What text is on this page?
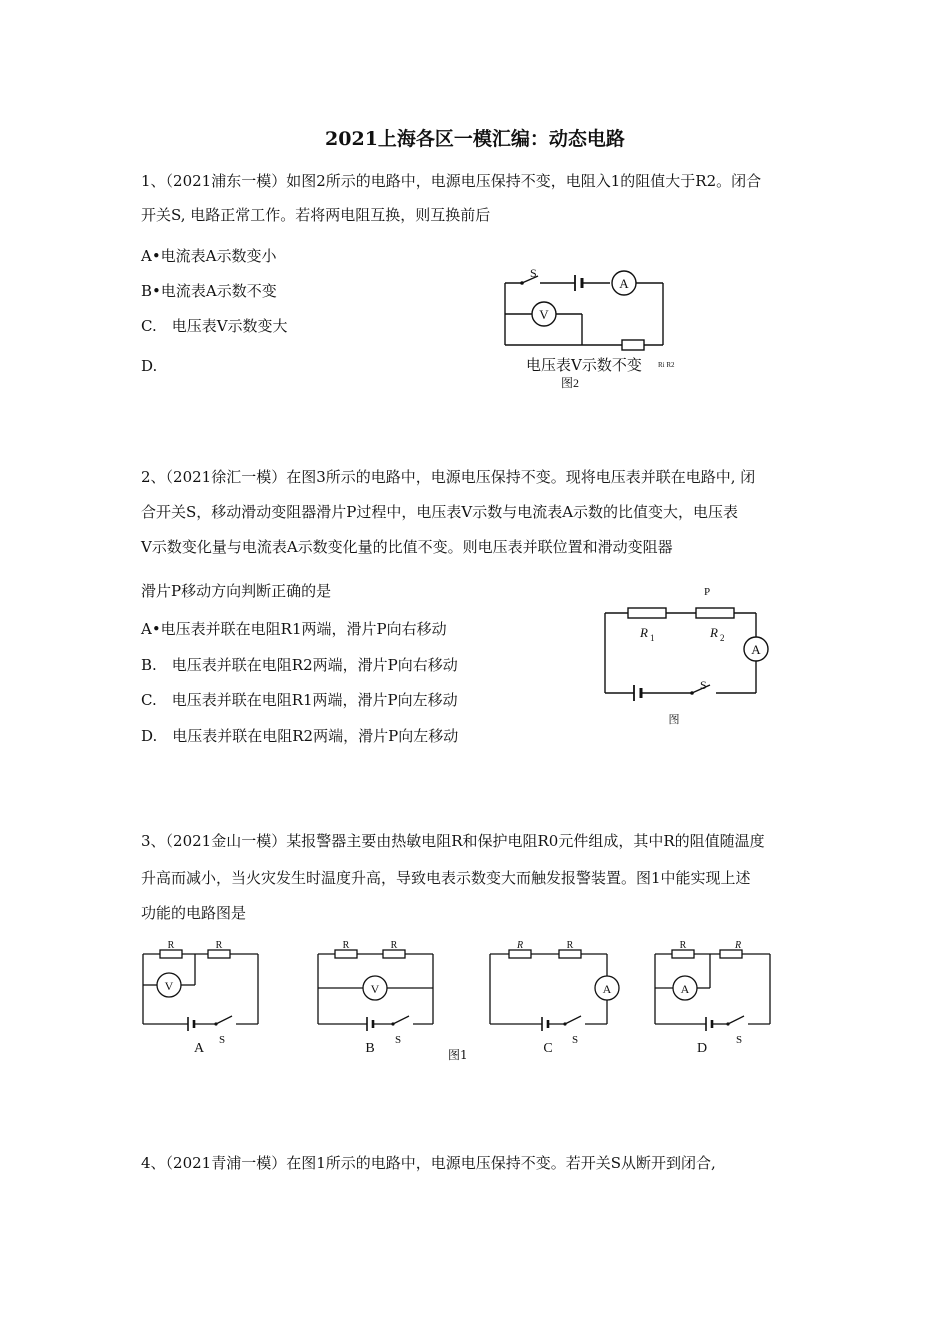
2021上海各区一模汇编：动态电路
1、（2021浦东一模）如图2所示的电路中，电源电压保持不变，电阻入1的阻值大于R2。闭合
开关S, 电路正常工作。若将两电阻互换，则互换前后
A•电流表A示数变小
B•电流表A示数不变
C.　电压表V示数变大
D.	电压表V示数不变
S
A
V
Ri R2
图2
2、（2021徐汇一模）在图3所示的电路中，电源电压保持不变。现将电压表并联在电路中, 闭
合开关S，移动滑动变阻器滑片P过程中，电压表V示数与电流表A示数的比值变大，电压表
V示数变化量与电流表A示数变化量的比值不变。则电压表并联位置和滑动变阻器
滑片P移动方向判断正确的是
A•电压表并联在电阻R1两端，滑片P向右移动
B.　电压表并联在电阻R2两端，滑片P向右移动
C.　电压表并联在电阻R1两端，滑片P向左移动
D.　电压表并联在电阻R2两端，滑片P向左移动
P
R 1	R 2
A
S
图
3、（2021金山一模）某报警器主要由热敏电阻R和保护电阻R0元件组成，其中R的阻值随温度
升高而减小，当火灾发生时温度升高，导致电表示数变大而触发报警装置。图1中能实现上述
功能的电路图是
R	R
V
A
S
R	R
V
B
S
图1
R	R
A
C
S
R	R
A
D
S
4、（2021青浦一模）在图1所示的电路中，电源电压保持不变。若开关S从断开到闭合,
